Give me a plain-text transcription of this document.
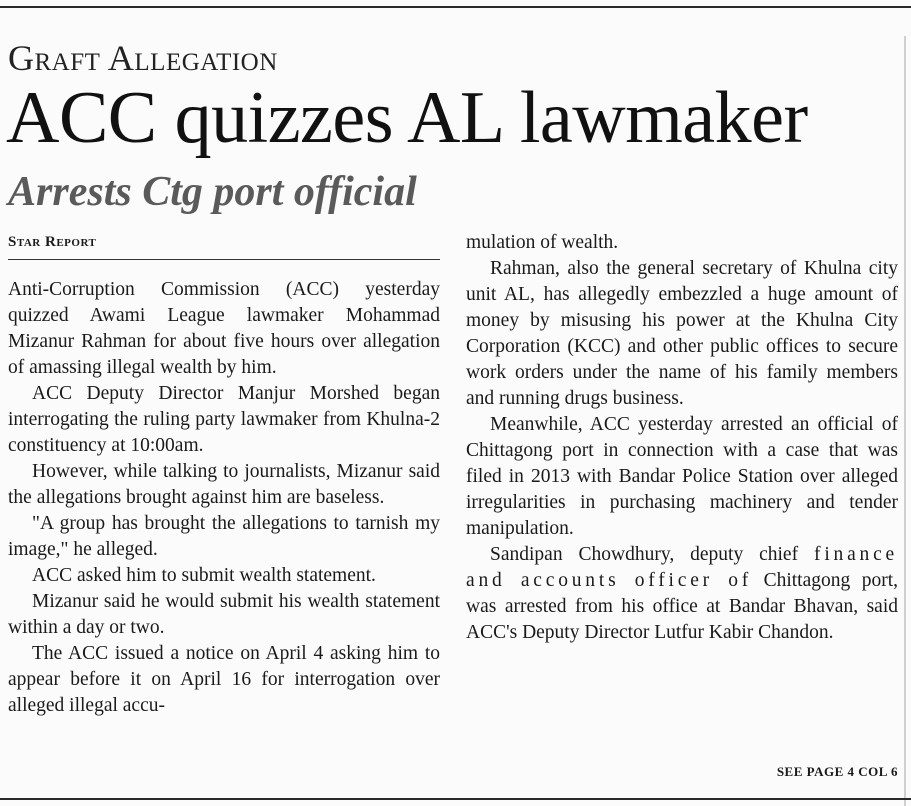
Graft Allegation
ACC quizzes AL lawmaker
Arrests Ctg port official
Star Report

Anti-Corruption Commission (ACC) yesterday quizzed Awami League lawmaker Mohammad Mizanur Rahman for about five hours over allegation of amassing illegal wealth by him.

ACC Deputy Director Manjur Morshed began interrogating the ruling party lawmaker from Khulna-2 constituency at 10:00am.

However, while talking to journalists, Mizanur said the allegations brought against him are baseless.

"A group has brought the allegations to tarnish my image," he alleged.

ACC asked him to submit wealth statement.

Mizanur said he would submit his wealth statement within a day or two.

The ACC issued a notice on April 4 asking him to appear before it on April 16 for interrogation over alleged illegal accu-

mulation of wealth.

Rahman, also the general secretary of Khulna city unit AL, has allegedly embezzled a huge amount of money by misusing his power at the Khulna City Corporation (KCC) and other public offices to secure work orders under the name of his family members and running drugs business.

Meanwhile, ACC yesterday arrested an official of Chittagong port in connection with a case that was filed in 2013 with Bandar Police Station over alleged irregularities in purchasing machinery and tender manipulation.

Sandipan Chowdhury, deputy chief finance and accounts officer of Chittagong port, was arrested from his office at Bandar Bhavan, said ACC's Deputy Director Lutfur Kabir Chandon.

SEE PAGE 4 COL 6
